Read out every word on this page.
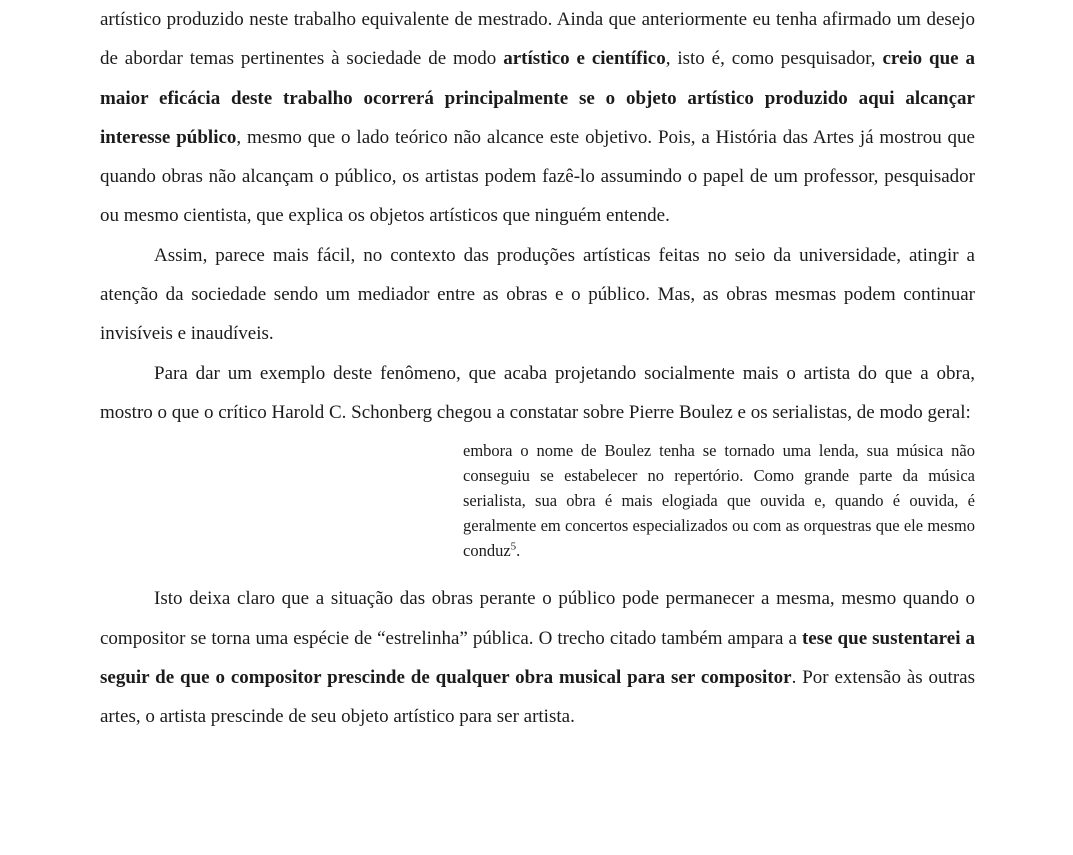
artístico produzido neste trabalho equivalente de mestrado. Ainda que anteriormente eu tenha afirmado um desejo de abordar temas pertinentes à sociedade de modo artístico e científico, isto é, como pesquisador, creio que a maior eficácia deste trabalho ocorrerá principalmente se o objeto artístico produzido aqui alcançar interesse público, mesmo que o lado teórico não alcance este objetivo. Pois, a História das Artes já mostrou que quando obras não alcançam o público, os artistas podem fazê-lo assumindo o papel de um professor, pesquisador ou mesmo cientista, que explica os objetos artísticos que ninguém entende.

Assim, parece mais fácil, no contexto das produções artísticas feitas no seio da universidade, atingir a atenção da sociedade sendo um mediador entre as obras e o público. Mas, as obras mesmas podem continuar invisíveis e inaudíveis.

Para dar um exemplo deste fenômeno, que acaba projetando socialmente mais o artista do que a obra, mostro o que o crítico Harold C. Schonberg chegou a constatar sobre Pierre Boulez e os serialistas, de modo geral:

embora o nome de Boulez tenha se tornado uma lenda, sua música não conseguiu se estabelecer no repertório. Como grande parte da música serialista, sua obra é mais elogiada que ouvida e, quando é ouvida, é geralmente em concertos especializados ou com as orquestras que ele mesmo conduz$^5$.

Isto deixa claro que a situação das obras perante o público pode permanecer a mesma, mesmo quando o compositor se torna uma espécie de “estrelinha” pública. O trecho citado também ampara a tese que sustentarei a seguir de que o compositor prescinde de qualquer obra musical para ser compositor. Por extensão às outras artes, o artista prescinde de seu objeto artístico para ser artista.
